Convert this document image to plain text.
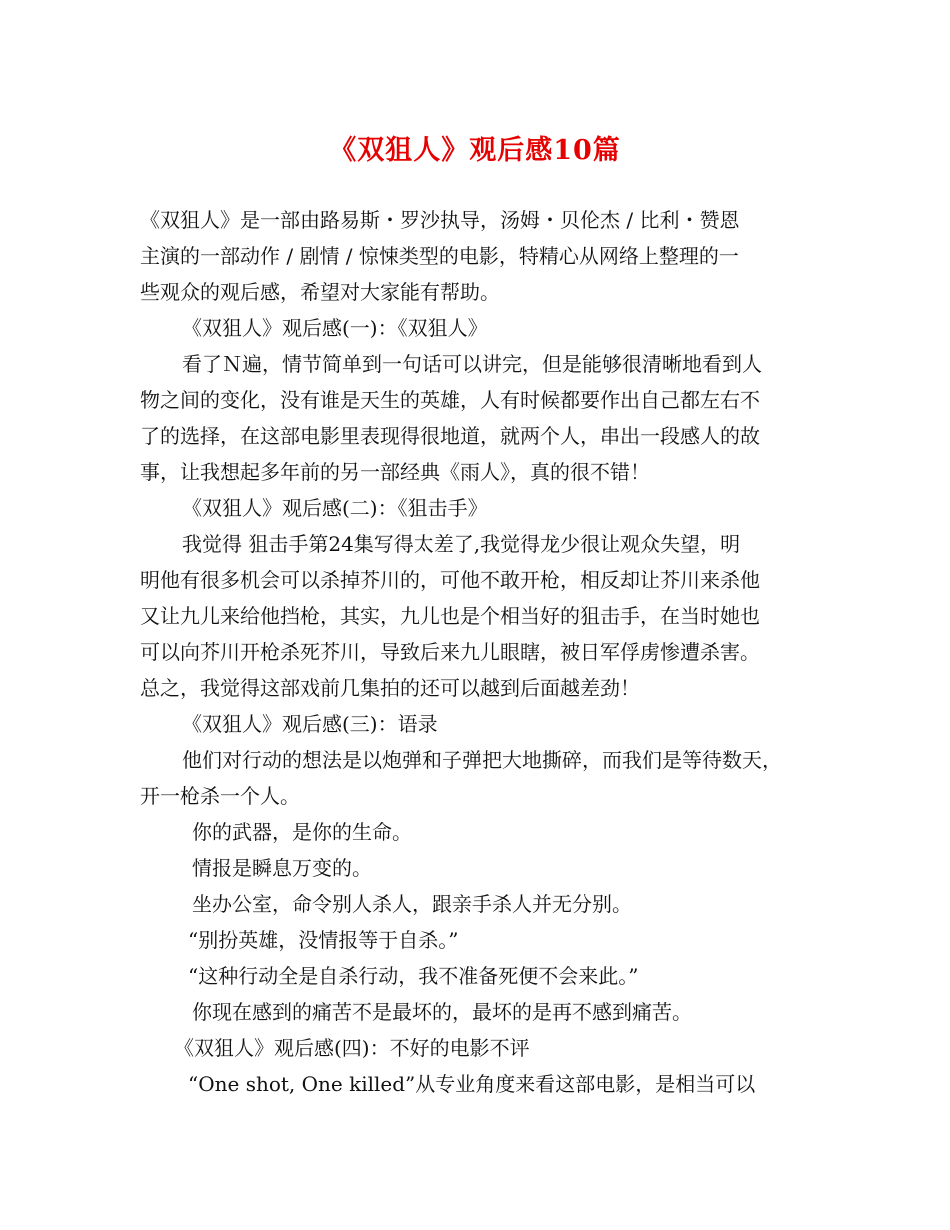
《双狙人》观后感10篇

《双狙人》是一部由路易斯・罗沙执导，汤姆・贝伦杰 / 比利・赞恩

主演的一部动作 / 剧情 / 惊悚类型的电影，特精心从网络上整理的一

些观众的观后感，希望对大家能有帮助。

《双狙人》观后感(一)：《双狙人》

看了Ｎ遍，情节简单到一句话可以讲完，但是能够很清晰地看到人

物之间的变化，没有谁是天生的英雄，人有时候都要作出自己都左右不

了的选择，在这部电影里表现得很地道，就两个人，串出一段感人的故

事，让我想起多年前的另一部经典《雨人》，真的很不错！

《双狙人》观后感(二)：《狙击手》

我觉得 狙击手第24集写得太差了,我觉得龙少很让观众失望，明

明他有很多机会可以杀掉芥川的，可他不敢开枪，相反却让芥川来杀他

又让九儿来给他挡枪，其实，九儿也是个相当好的狙击手，在当时她也

可以向芥川开枪杀死芥川，导致后来九儿眼瞎，被日军俘虏惨遭杀害。

总之，我觉得这部戏前几集拍的还可以越到后面越差劲！

《双狙人》观后感(三)：语录

他们对行动的想法是以炮弹和子弹把大地撕碎，而我们是等待数天，

开一枪杀一个人。

你的武器，是你的生命。

情报是瞬息万变的。

坐办公室，命令别人杀人，跟亲手杀人并无分别。

“别扮英雄，没情报等于自杀。”

“这种行动全是自杀行动，我不准备死便不会来此。”

你现在感到的痛苦不是最坏的，最坏的是再不感到痛苦。

《双狙人》观后感(四)：不好的电影不评

“One shot, One killed”从专业角度来看这部电影，是相当可以
